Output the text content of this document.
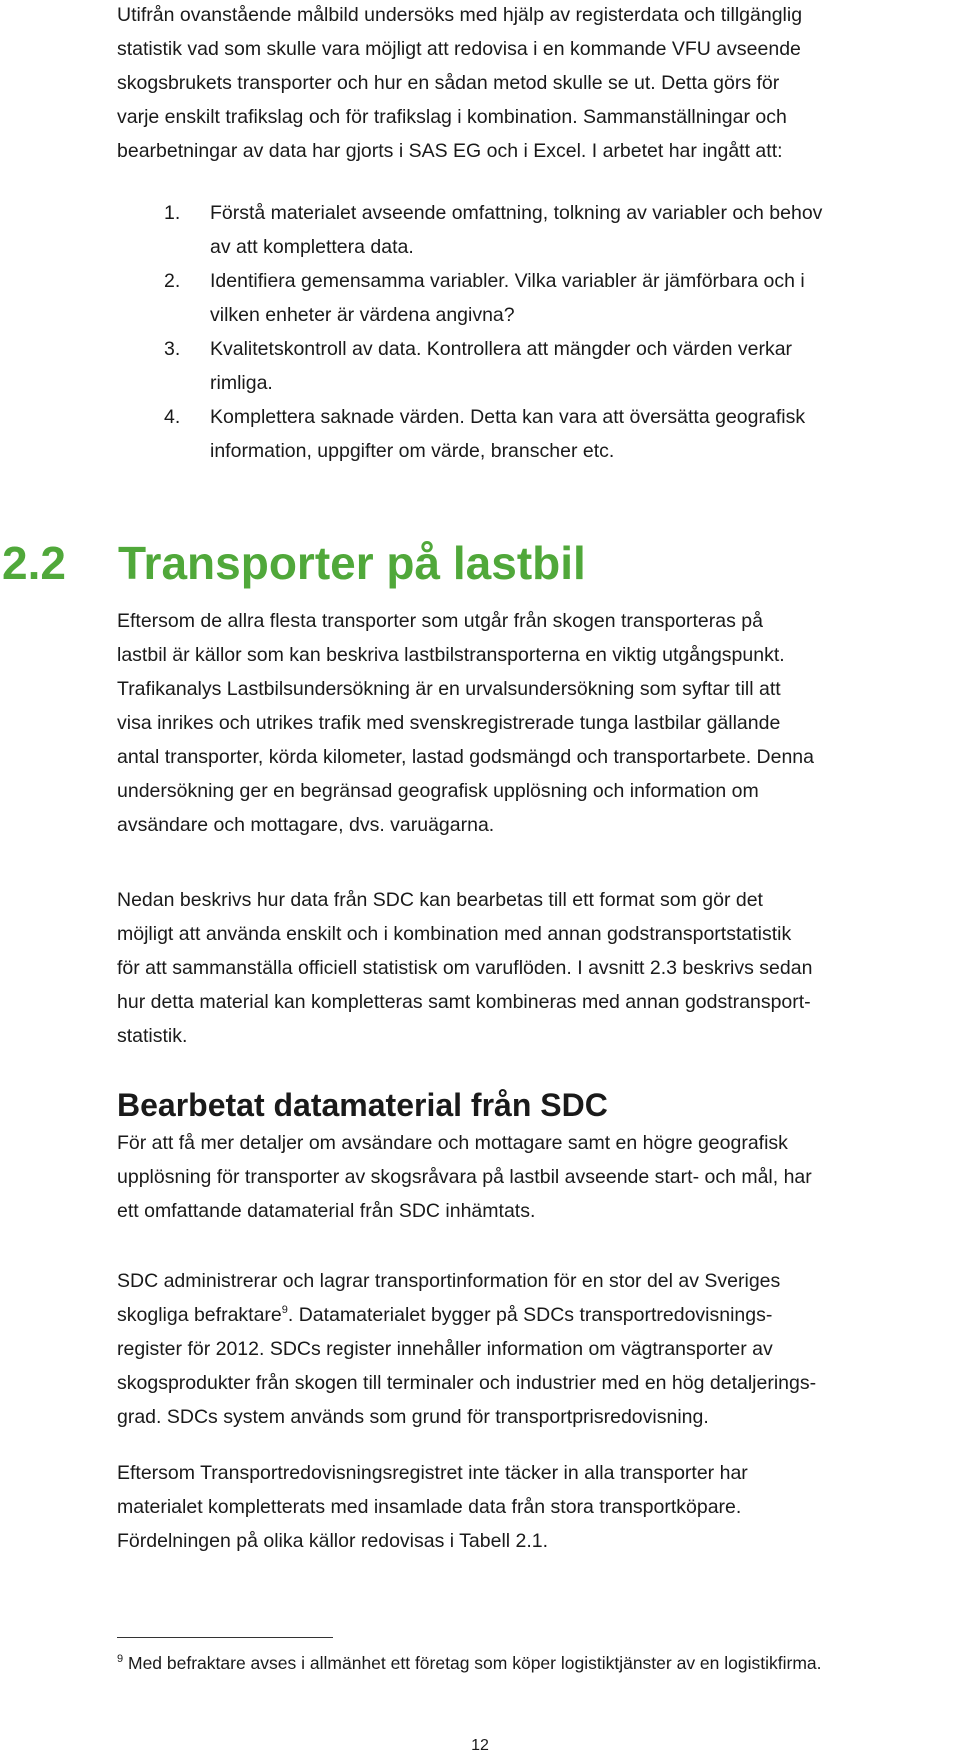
Utifrån ovanstående målbild undersöks med hjälp av registerdata och tillgänglig

statistik vad som skulle vara möjligt att redovisa i en kommande VFU avseende

skogsbrukets transporter och hur en sådan metod skulle se ut. Detta görs för

varje enskilt trafikslag och för trafikslag i kombination. Sammanställningar och

bearbetningar av data har gjorts i SAS EG och i Excel. I arbetet har ingått att:

1. Förstå materialet avseende omfattning, tolkning av variabler och behov
av att komplettera data.
2. Identifiera gemensamma variabler. Vilka variabler är jämförbara och i
vilken enheter är värdena angivna?
3. Kvalitetskontroll av data. Kontrollera att mängder och värden verkar
rimliga.
4. Komplettera saknade värden. Detta kan vara att översätta geografisk
information, uppgifter om värde, branscher etc.
2.2 Transporter på lastbil

Eftersom de allra flesta transporter som utgår från skogen transporteras på

lastbil är källor som kan beskriva lastbilstransporterna en viktig utgångspunkt.

Trafikanalys Lastbilsundersökning är en urvalsundersökning som syftar till att

visa inrikes och utrikes trafik med svenskregistrerade tunga lastbilar gällande

antal transporter, körda kilometer, lastad godsmängd och transportarbete. Denna

undersökning ger en begränsad geografisk upplösning och information om

avsändare och mottagare, dvs. varuägarna.

Nedan beskrivs hur data från SDC kan bearbetas till ett format som gör det

möjligt att använda enskilt och i kombination med annan godstransportstatistik

för att sammanställa officiell statistisk om varuflöden. I avsnitt 2.3 beskrivs sedan

hur detta material kan kompletteras samt kombineras med annan godstransport-

statistik.

Bearbetat datamaterial från SDC

För att få mer detaljer om avsändare och mottagare samt en högre geografisk

upplösning för transporter av skogsråvara på lastbil avseende start- och mål, har

ett omfattande datamaterial från SDC inhämtats.

SDC administrerar och lagrar transportinformation för en stor del av Sveriges

skogliga befraktare$^9$. Datamaterialet bygger på SDCs transportredovisnings-

register för 2012. SDCs register innehåller information om vägtransporter av

skogsprodukter från skogen till terminaler och industrier med en hög detaljerings-

grad. SDCs system används som grund för transportprisredovisning.

Eftersom Transportredovisningsregistret inte täcker in alla transporter har

materialet kompletterats med insamlade data från stora transportköpare.

Fördelningen på olika källor redovisas i Tabell 2.1.

$^9$ Med befraktare avses i allmänhet ett företag som köper logistiktjänster av en logistikfirma.
12
